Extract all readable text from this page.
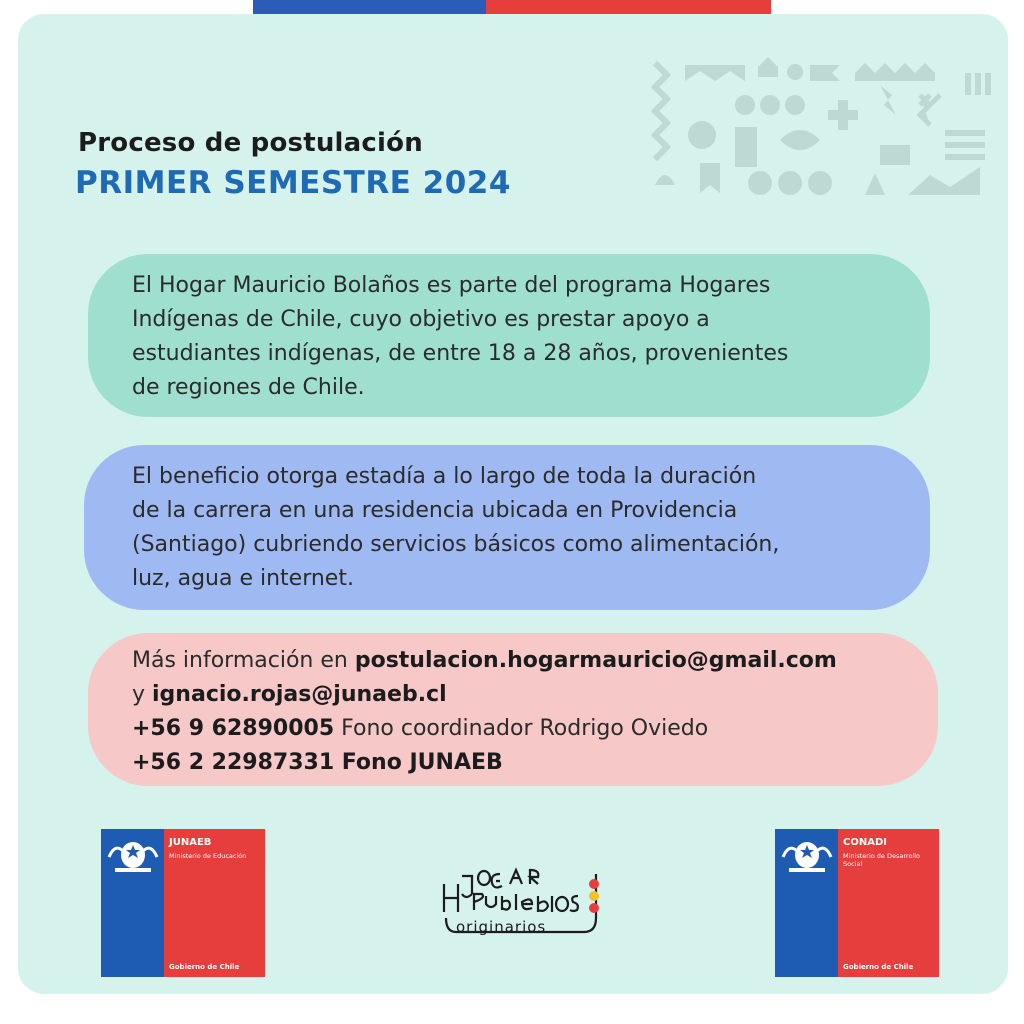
Proceso de postulación
PRIMER SEMESTRE 2024

El Hogar Mauricio Bolaños es parte del programa Hogares

Indígenas de Chile, cuyo objetivo es prestar apoyo a

estudiantes indígenas, de entre 18 a 28 años, provenientes

de regiones de Chile.

El beneficio otorga estadía a lo largo de toda la duración

de la carrera en una residencia ubicada en Providencia

(Santiago) cubriendo servicios básicos como alimentación,

luz, agua e internet.

Más información en postulacion.hogarmauricio@gmail.com
y ignacio.rojas@junaeb.cl
+56 9 62890005 Fono coordinador Rodrigo Oviedo
+56 2 22987331 Fono JUNAEB
JUNAEB
Ministerio de Educación
Gobierno de Chile
originarios
CONADI
Ministerio de Desarrollo Social
Gobierno de Chile
